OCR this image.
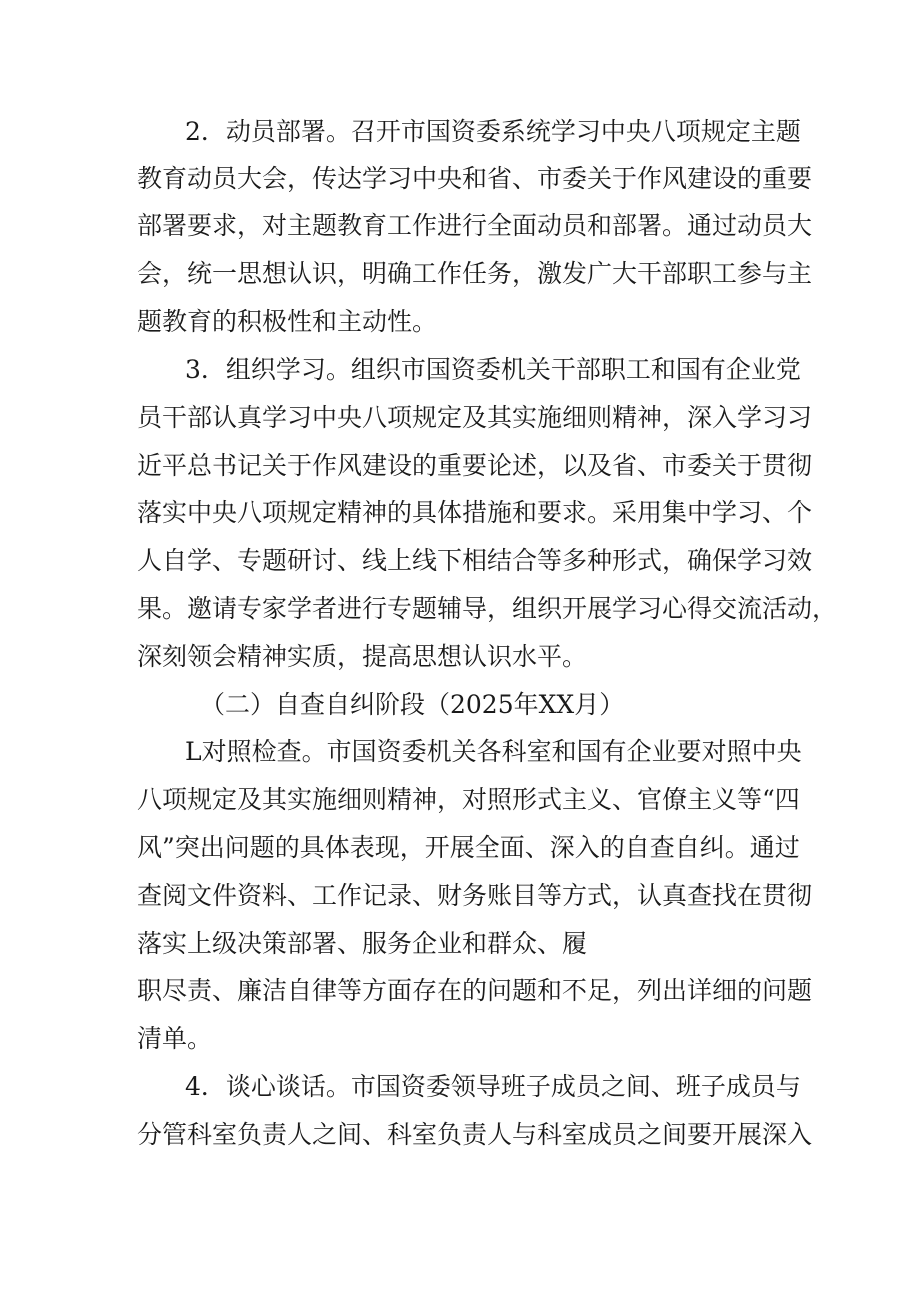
2．动员部署。召开市国资委系统学习中央八项规定主题
教育动员大会，传达学习中央和省、市委关于作风建设的重要
部署要求，对主题教育工作进行全面动员和部署。通过动员大
会，统一思想认识，明确工作任务，激发广大干部职工参与主
题教育的积极性和主动性。
3．组织学习。组织市国资委机关干部职工和国有企业党
员干部认真学习中央八项规定及其实施细则精神，深入学习习
近平总书记关于作风建设的重要论述，以及省、市委关于贯彻
落实中央八项规定精神的具体措施和要求。采用集中学习、个
人自学、专题研讨、线上线下相结合等多种形式，确保学习效
果。邀请专家学者进行专题辅导，组织开展学习心得交流活动，
深刻领会精神实质，提高思想认识水平。
（二）自查自纠阶段（2025年XX月）
L对照检查。市国资委机关各科室和国有企业要对照中央
八项规定及其实施细则精神，对照形式主义、官僚主义等“四
风”突出问题的具体表现，开展全面、深入的自查自纠。通过
查阅文件资料、工作记录、财务账目等方式，认真查找在贯彻
落实上级决策部署、服务企业和群众、履
职尽责、廉洁自律等方面存在的问题和不足，列出详细的问题
清单。
4．谈心谈话。市国资委领导班子成员之间、班子成员与
分管科室负责人之间、科室负责人与科室成员之间要开展深入
